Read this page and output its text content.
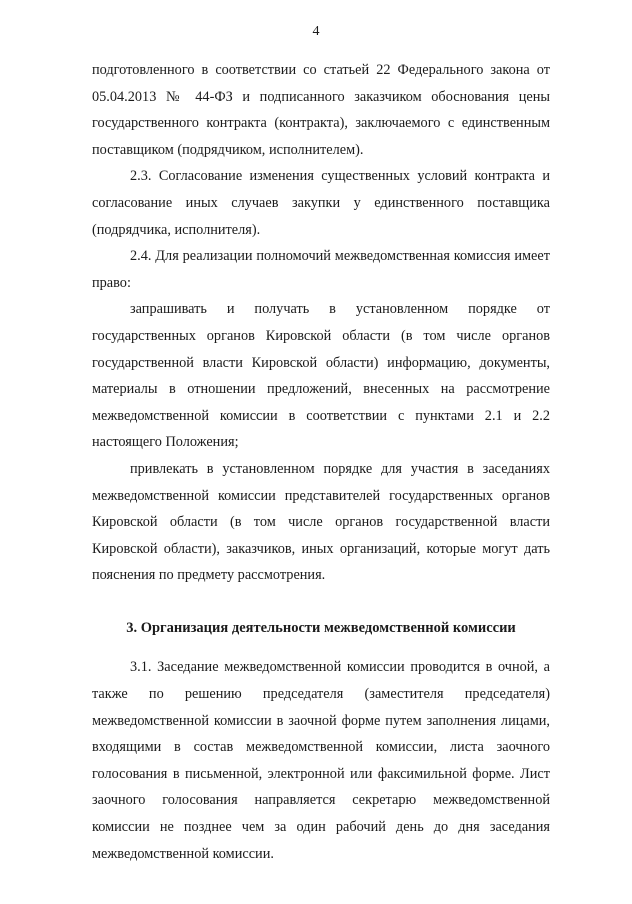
4

подготовленного в соответствии со статьей 22 Федерального закона от 05.04.2013 № 44-ФЗ и подписанного заказчиком обоснования цены государственного контракта (контракта), заключаемого с единственным поставщиком (подрядчиком, исполнителем).

2.3. Согласование изменения существенных условий контракта и согласование иных случаев закупки у единственного поставщика (подрядчика, исполнителя).

2.4. Для реализации полномочий межведомственная комиссия имеет право:

запрашивать и получать в установленном порядке от государственных органов Кировской области (в том числе органов государственной власти Кировской области) информацию, документы, материалы в отношении предложений, внесенных на рассмотрение межведомственной комиссии в соответствии с пунктами 2.1 и 2.2 настоящего Положения;

привлекать в установленном порядке для участия в заседаниях межведомственной комиссии представителей государственных органов Кировской области (в том числе органов государственной власти Кировской области), заказчиков, иных организаций, которые могут дать пояснения по предмету рассмотрения.

3. Организация деятельности межведомственной комиссии

3.1. Заседание межведомственной комиссии проводится в очной, а также по решению председателя (заместителя председателя) межведомственной комиссии в заочной форме путем заполнения лицами, входящими в состав межведомственной комиссии, листа заочного голосования в письменной, электронной или факсимильной форме. Лист заочного голосования направляется секретарю межведомственной комиссии не позднее чем за один рабочий день до дня заседания межведомственной комиссии.
